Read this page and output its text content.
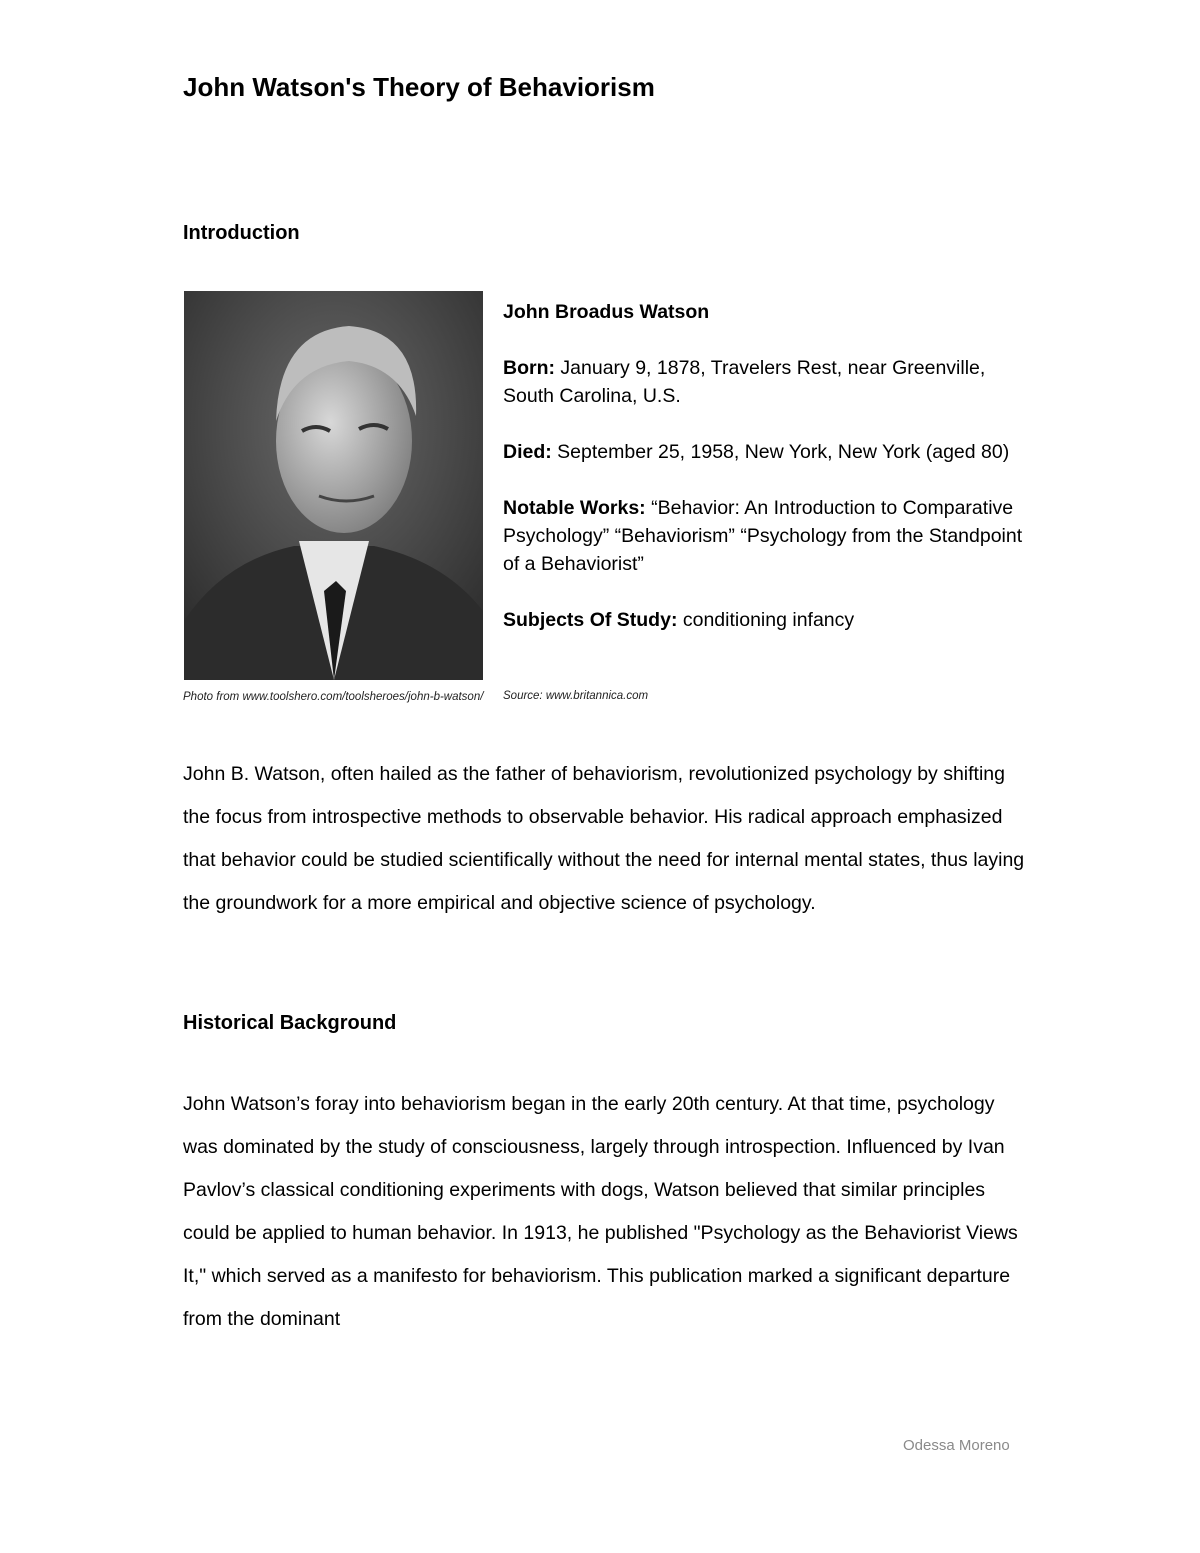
John Watson's Theory of Behaviorism
Introduction
Photo from www.toolshero.com/toolsheroes/john-b-watson/

John Broadus Watson

Born: January 9, 1878, Travelers Rest, near Greenville, South Carolina, U.S.

Died: September 25, 1958, New York, New York (aged 80)

Notable Works: “Behavior: An Introduction to Comparative Psychology” “Behaviorism” “Psychology from the Standpoint of a Behaviorist”

Subjects Of Study: conditioning infancy

Source: www.britannica.com
John B. Watson, often hailed as the father of behaviorism, revolutionized psychology by shifting the focus from introspective methods to observable behavior. His radical approach emphasized that behavior could be studied scientifically without the need for internal mental states, thus laying the groundwork for a more empirical and objective science of psychology.
Historical Background
John Watson’s foray into behaviorism began in the early 20th century. At that time, psychology was dominated by the study of consciousness, largely through introspection. Influenced by Ivan Pavlov’s classical conditioning experiments with dogs, Watson believed that similar principles could be applied to human behavior. In 1913, he published "Psychology as the Behaviorist Views It," which served as a manifesto for behaviorism. This publication marked a significant departure from the dominant
Odessa Moreno
